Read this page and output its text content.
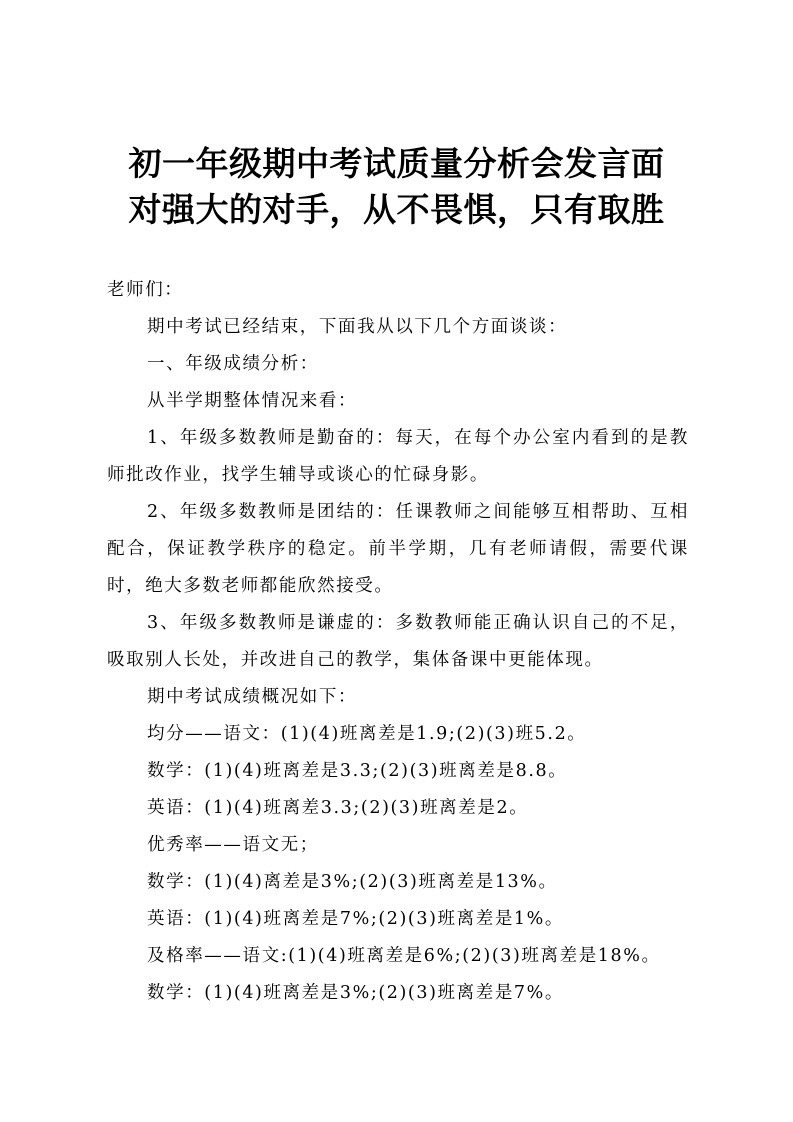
初一年级期中考试质量分析会发言面
对强大的对手，从不畏惧，只有取胜

老师们：

期中考试已经结束，下面我从以下几个方面谈谈：

一、年级成绩分析：

从半学期整体情况来看：

1、年级多数教师是勤奋的：每天，在每个办公室内看到的是教师批改作业，找学生辅导或谈心的忙碌身影。

2、年级多数教师是团结的：任课教师之间能够互相帮助、互相配合，保证教学秩序的稳定。前半学期，几有老师请假，需要代课时，绝大多数老师都能欣然接受。

3、年级多数教师是谦虚的：多数教师能正确认识自己的不足，吸取别人长处，并改进自己的教学，集体备课中更能体现。

期中考试成绩概况如下：

均分——语文：(1)(4)班离差是1.9;(2)(3)班5.2。

数学：(1)(4)班离差是3.3;(2)(3)班离差是8.8。

英语：(1)(4)班离差3.3;(2)(3)班离差是2。

优秀率——语文无；

数学：(1)(4)离差是3%;(2)(3)班离差是13%。

英语：(1)(4)班离差是7%;(2)(3)班离差是1%。

及格率——语文:(1)(4)班离差是6%;(2)(3)班离差是18%。

数学：(1)(4)班离差是3%;(2)(3)班离差是7%。
